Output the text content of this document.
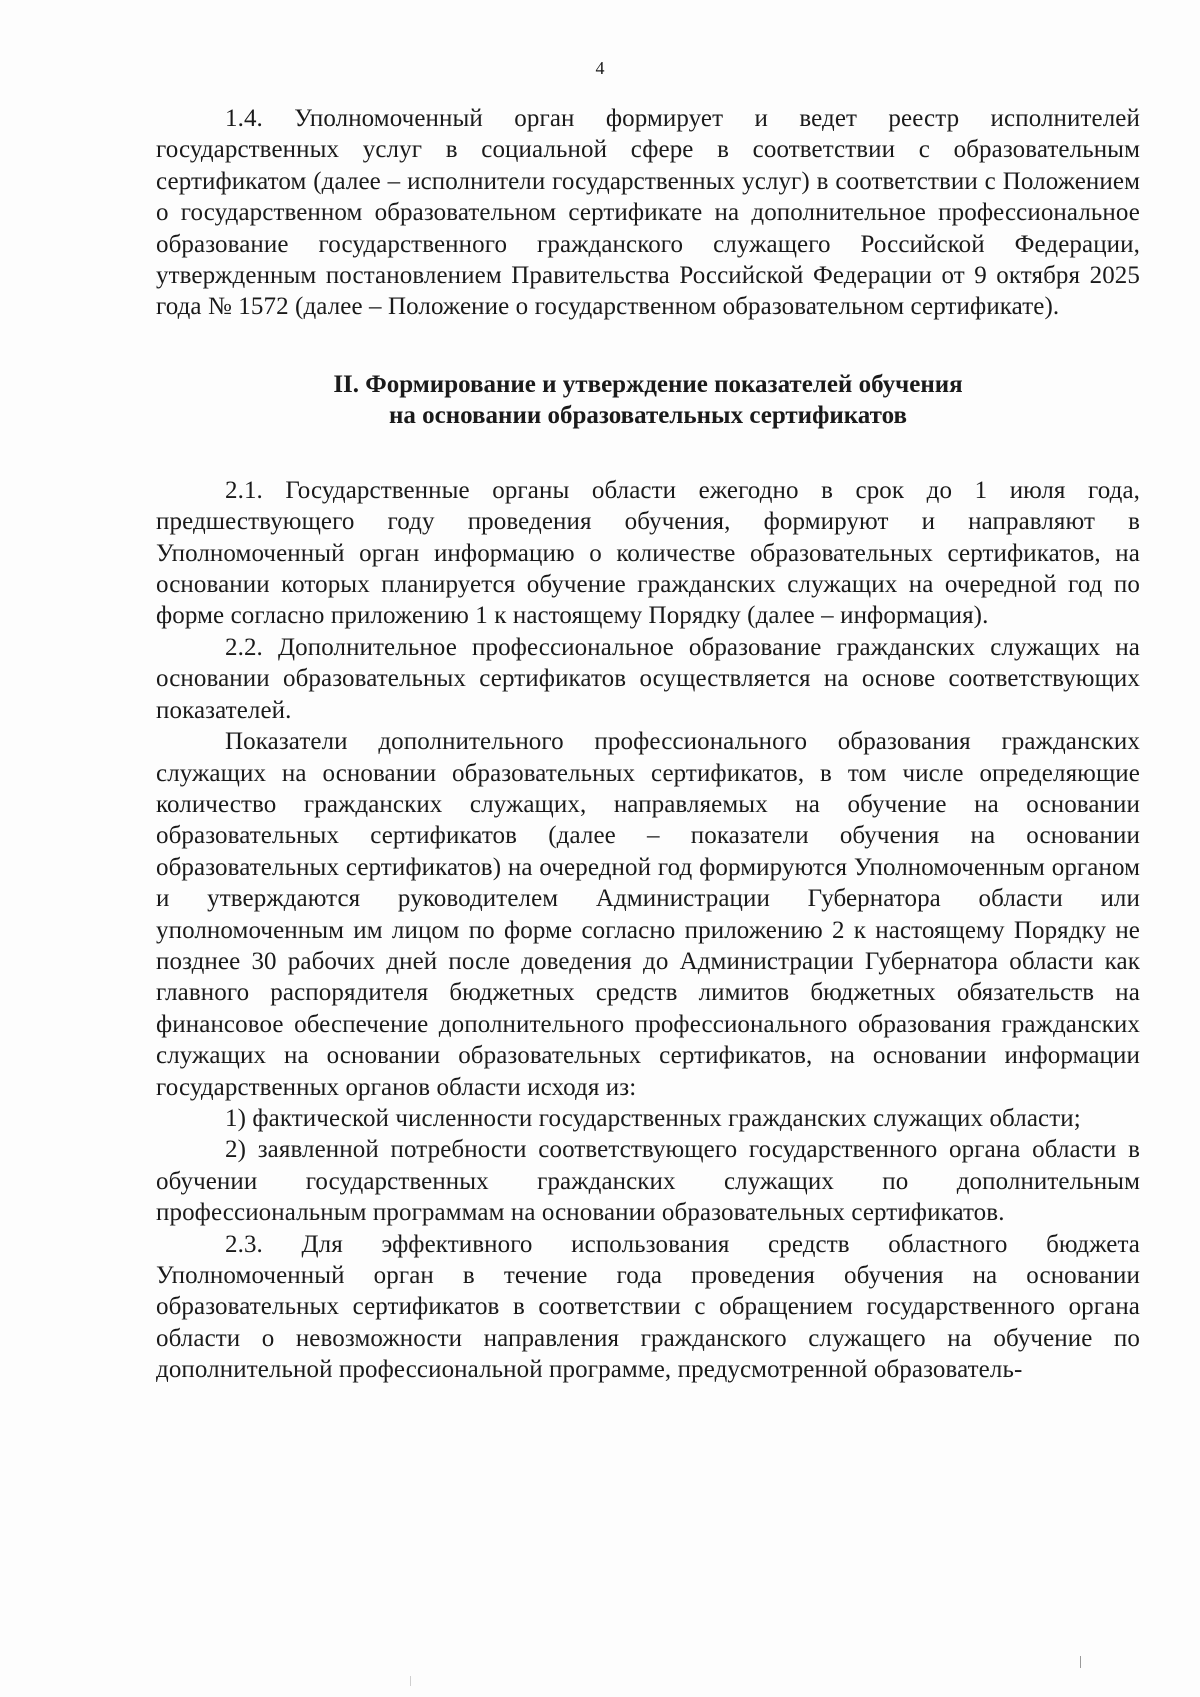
4

1.4. Уполномоченный орган формирует и ведет реестр исполнителей государственных услуг в социальной сфере в соответствии с образовательным сертификатом (далее – исполнители государственных услуг) в соответствии с Положением о государственном образовательном сертификате на дополнительное профессиональное образование государственного гражданского служащего Российской Федерации, утвержденным постановлением Правительства Российской Федерации от 9 октября 2025 года № 1572 (далее – Положение о государственном образовательном сертификате).

II. Формирование и утверждение показателей обучения
на основании образовательных сертификатов

2.1. Государственные органы области ежегодно в срок до 1 июля года, предшествующего году проведения обучения, формируют и направляют в Уполномоченный орган информацию о количестве образовательных сертификатов, на основании которых планируется обучение гражданских служащих на очередной год по форме согласно приложению 1 к настоящему Порядку (далее – информация).

2.2. Дополнительное профессиональное образование гражданских служащих на основании образовательных сертификатов осуществляется на основе соответствующих показателей.

Показатели дополнительного профессионального образования гражданских служащих на основании образовательных сертификатов, в том числе определяющие количество гражданских служащих, направляемых на обучение на основании образовательных сертификатов (далее – показатели обучения на основании образовательных сертификатов) на очередной год формируются Уполномоченным органом и утверждаются руководителем Администрации Губернатора области или уполномоченным им лицом по форме согласно приложению 2 к настоящему Порядку не позднее 30 рабочих дней после доведения до Администрации Губернатора области как главного распорядителя бюджетных средств лимитов бюджетных обязательств на финансовое обеспечение дополнительного профессионального образования гражданских служащих на основании образовательных сертификатов, на основании информации государственных органов области исходя из:

1) фактической численности государственных гражданских служащих области;

2) заявленной потребности соответствующего государственного органа области в обучении государственных гражданских служащих по дополнительным профессиональным программам на основании образовательных сертификатов.

2.3. Для эффективного использования средств областного бюджета Уполномоченный орган в течение года проведения обучения на основании образовательных сертификатов в соответствии с обращением государственного органа области о невозможности направления гражданского служащего на обучение по дополнительной профессиональной программе, предусмотренной образователь-
